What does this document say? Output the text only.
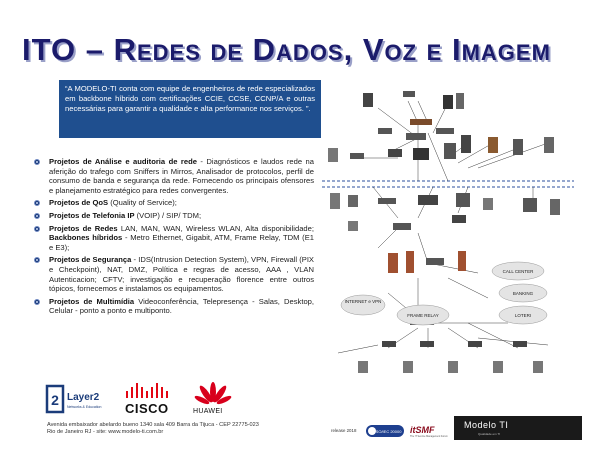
ITO – Redes de Dados, Voz e Imagem
“A MODELO-TI conta com equipe de engenheiros de rede especializados em backbone híbrido com certificações CCIE, CCSE, CCNP/A e outras necessárias para garantir a qualidade e alta performance nos serviços. ”.
Projetos de Análise e auditoria de rede - Diagnósticos e laudos rede na aferição do trafego com Sniffers in Mirros, Analisador de protocolos, perfil de consumo de banda e segurança da rede. Fornecendo os principais ofensores e planejamento estratégico para redes convergentes.
Projetos de QoS (Quality of Service);
Projetos de Telefonia IP (VOIP) / SIP/ TDM;
Projetos de Redes LAN, MAN, WAN, Wireless WLAN, Alta disponibilidade; Backbones híbridos - Metro Ethernet, Gigabit, ATM, Frame Relay, TDM (E1 e E3);
Projetos de Segurança - IDS(Intrusion Detection System), VPN, Firewall (PIX e Checkpoint), NAT, DMZ, Política e regras de acesso, AAA , VLAN Autenticacion; CFTV; investigação e recuperação florence entre outros tópicos, fornecemos e instalamos os equipamentos.
Projetos de Multimídia Videoconferência, Telepresença - Salas, Desktop, Celular - ponto a ponto e multiponto.
INTERNET e VPN
FRAME RELAY
CALL CENTER
BANKING
LOTERI
2 Layer2
Networks & Education CISCO	HUAWEI
Avenida embaixador abelardo bueno 1340 sala 409 Barra da Tijuca - CEP 22775-023
Rio de Janeiro RJ - site: www.modelo-ti.com.br	release 2018	ISO/IEC 20000 itSMF
The IT Service Management Forum
Modelo TI
Qualidade em TI
